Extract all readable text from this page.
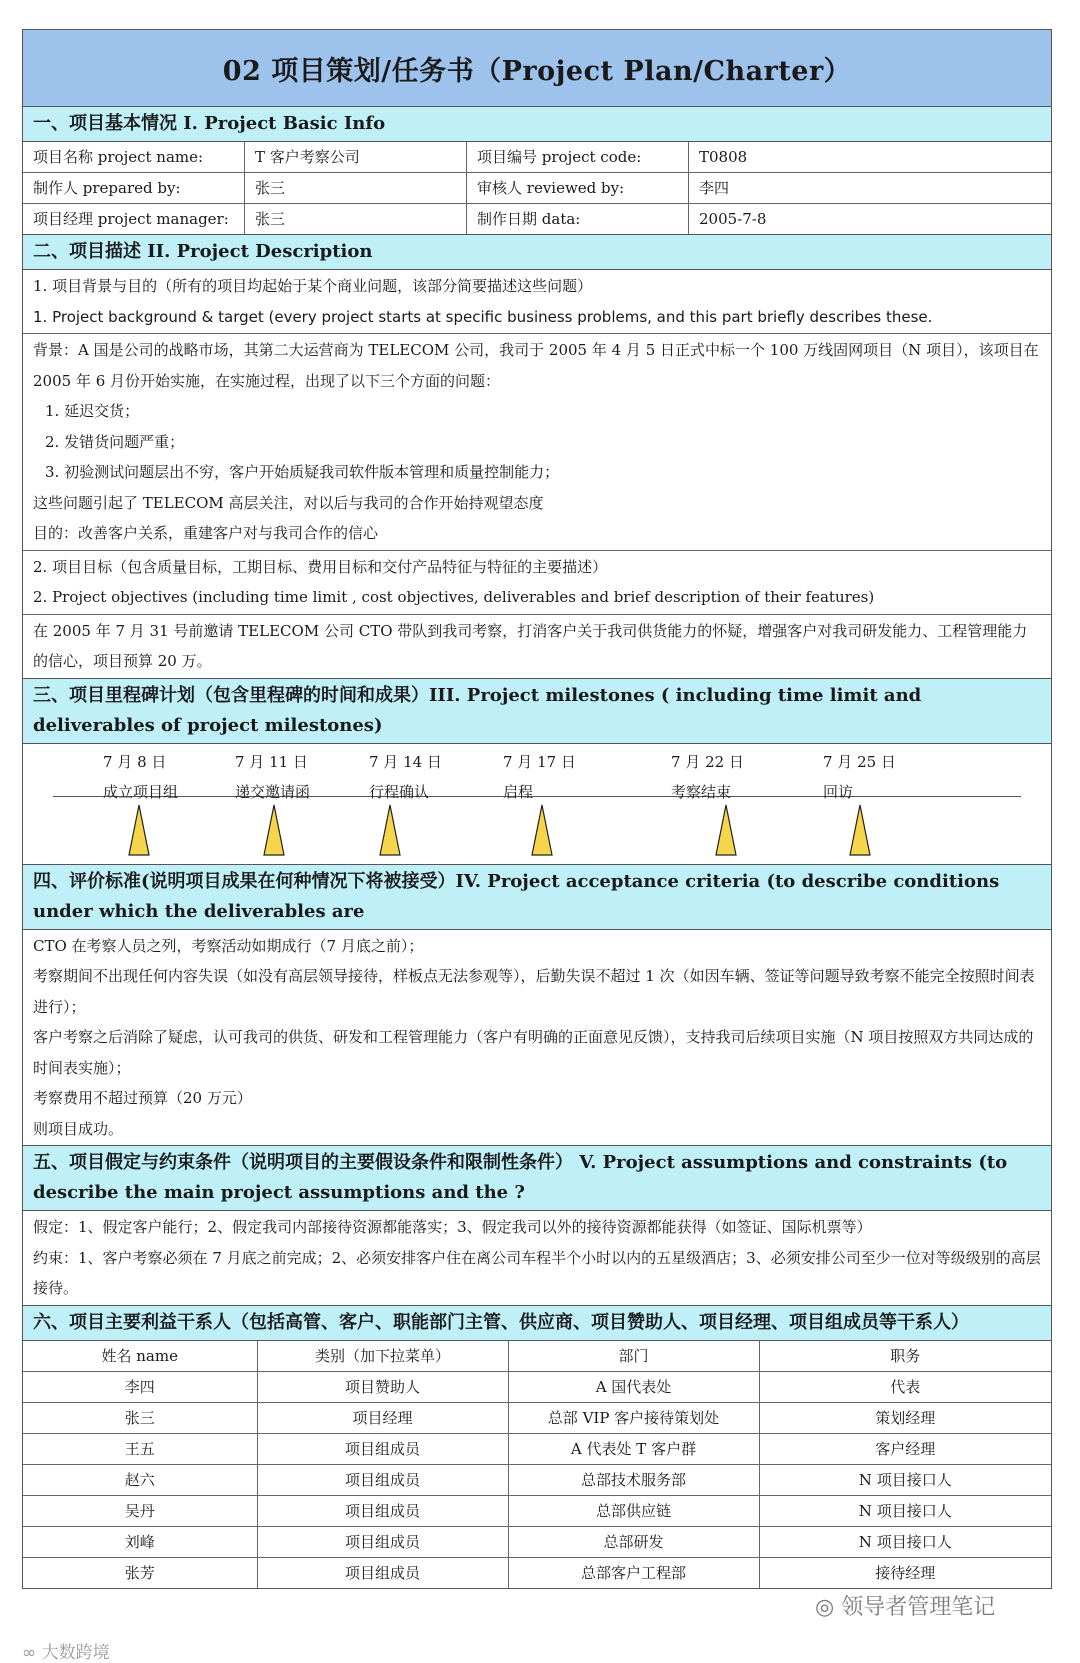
02 项目策划/任务书（Project Plan/Charter）
一、项目基本情况 I. Project Basic Info
项目名称 project name:	T 客户考察公司	项目编号 project code:	T0808
制作人 prepared by:	张三	审核人 reviewed by:	李四
项目经理 project manager:	张三	制作日期 data:	2005-7-8
二、项目描述 II. Project Description
1. 项目背景与目的（所有的项目均起始于某个商业问题，该部分简要描述这些问题）
1. Project background & target (every project starts at specific business problems, and this part briefly describes these.
背景：A 国是公司的战略市场，其第二大运营商为 TELECOM 公司，我司于 2005 年 4 月 5 日正式中标一个 100 万线固网项目（N 项目），该项目在 2005 年 6 月份开始实施，在实施过程，出现了以下三个方面的问题：
1. 延迟交货；
2. 发错货问题严重；
3. 初验测试问题层出不穷，客户开始质疑我司软件版本管理和质量控制能力；
这些问题引起了 TELECOM 高层关注，对以后与我司的合作开始持观望态度
目的：改善客户关系，重建客户对与我司合作的信心
2. 项目目标（包含质量目标，工期目标、费用目标和交付产品特征与特征的主要描述）
2. Project objectives (including time limit , cost objectives, deliverables and brief description of their features)
在 2005 年 7 月 31 号前邀请 TELECOM 公司 CTO 带队到我司考察，打消客户关于我司供货能力的怀疑，增强客户对我司研发能力、工程管理能力的信心，项目预算 20 万。
三、项目里程碑计划（包含里程碑的时间和成果）III. Project milestones ( including time limit and deliverables of project milestones)
7 月 8 日
成立项目组
7 月 11 日
递交邀请函
7 月 14 日
行程确认
7 月 17 日
启程
7 月 22 日
考察结束
7 月 25 日
回访
四、评价标准(说明项目成果在何种情况下将被接受）IV. Project acceptance criteria (to describe conditions under which the deliverables are
CTO 在考察人员之列，考察活动如期成行（7 月底之前）；
考察期间不出现任何内容失误（如没有高层领导接待，样板点无法参观等），后勤失误不超过 1 次（如因车辆、签证等问题导致考察不能完全按照时间表进行）；
客户考察之后消除了疑虑，认可我司的供货、研发和工程管理能力（客户有明确的正面意见反馈），支持我司后续项目实施（N 项目按照双方共同达成的时间表实施）；
考察费用不超过预算（20 万元）
则项目成功。
五、项目假定与约束条件（说明项目的主要假设条件和限制性条件） V. Project assumptions and constraints (to describe the main project assumptions and the ?
假定：1、假定客户能行；2、假定我司内部接待资源都能落实；3、假定我司以外的接待资源都能获得（如签证、国际机票等）
约束：1、客户考察必须在 7 月底之前完成；2、必须安排客户住在离公司车程半个小时以内的五星级酒店；3、必须安排公司至少一位对等级级别的高层接待。
六、项目主要利益干系人（包括高管、客户、职能部门主管、供应商、项目赞助人、项目经理、项目组成员等干系人）
姓名 name	类别（加下拉菜单）	部门	职务
李四	项目赞助人	A 国代表处	代表
张三	项目经理	总部 VIP 客户接待策划处	策划经理
王五	项目组成员	A 代表处 T 客户群	客户经理
赵六	项目组成员	总部技术服务部	N 项目接口人
吴丹	项目组成员	总部供应链	N 项目接口人
刘峰	项目组成员	总部研发	N 项目接口人
张芳	项目组成员	总部客户工程部	接待经理
∞ 大数跨境
◎ 领导者管理笔记
